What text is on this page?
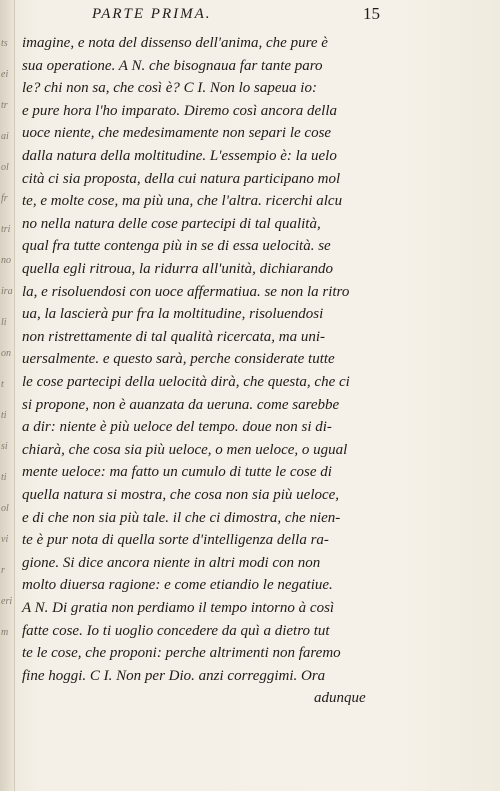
PARTE PRIMA.	15
imagine, e nota del dissenso dell'anima, che pure è
sua operatione. A N. che bisognaua far tante paro
le? chi non sa, che così è? C I. Non lo sapeua io:
e pure hora l'ho imparato. Diremo così ancora della
uoce niente, che medesimamente non separi le cose
dalla natura della moltitudine. L'essempio è: la uelo
cità ci sia proposta, della cui natura participano mol
te, e molte cose, ma più una, che l'altra. ricerchi alcu
no nella natura delle cose partecipi di tal qualità,
qual fra tutte contenga più in se di essa uelocità. se
quella egli ritroua, la ridurra all'unità, dichiarando
la, e risoluendosi con uoce affermatiua. se non la ritro
ua, la lascierà pur fra la moltitudine, risoluendosi
non ristrettamente di tal qualità ricercata, ma uni-
uersalmente. e questo sarà, perche considerate tutte
le cose partecipi della uelocità dirà, che questa, che ci
si propone, non è auanzata da ueruna. come sarebbe
a dir: niente è più ueloce del tempo. doue non si di-
chiarà, che cosa sia più ueloce, o men ueloce, o ugual
mente ueloce: ma fatto un cumulo di tutte le cose di
quella natura si mostra, che cosa non sia più ueloce,
e di che non sia più tale. il che ci dimostra, che nien-
te è pur nota di quella sorte d'intelligenza della ra-
gione. Si dice ancora niente in altri modi con non
molto diuersa ragione: e come etiandio le negatiue.
A N. Di gratia non perdiamo il tempo intorno à così
fatte cose. Io ti uoglio concedere da quì a dietro tut
te le cose, che proponi: perche altrimenti non faremo
fine hoggi. C I. Non per Dio. anzi correggimi. Ora
ts
ei
tr
ai
ol
fr
tri
no
ira
li
on
t
ti
si
ti
ol
vi
r
eri
m
adunque
